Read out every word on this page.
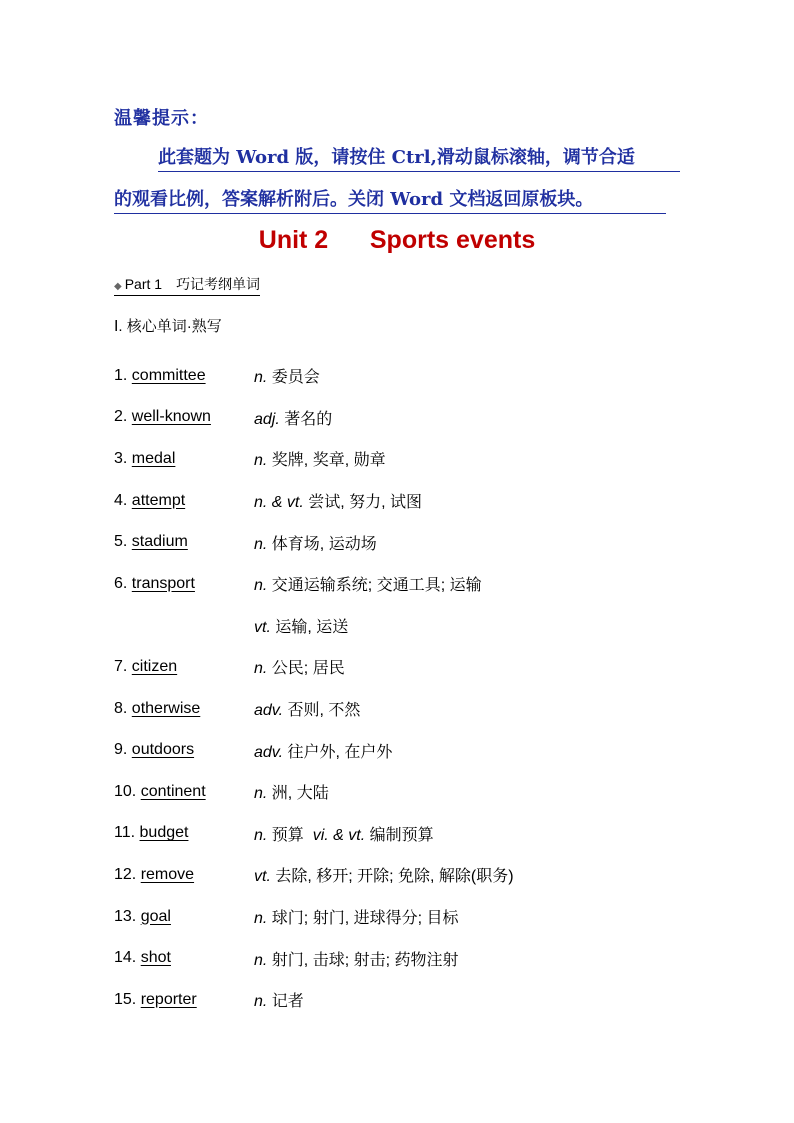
温馨提示：
此套题为 Word 版，请按住 Ctrl,滑动鼠标滚轴，调节合适
的观看比例，答案解析附后。关闭 Word 文档返回原板块。
Unit 2      Sports events
◆ Part 1 巧记考纲单词
Ⅰ. 核心单词·熟写
1. committee	n. 委员会
2. well-known	adj. 著名的
3. medal	n. 奖牌, 奖章, 勋章
4. attempt	n. & vt. 尝试, 努力, 试图
5. stadium	n. 体育场, 运动场
6. transport	n. 交通运输系统; 交通工具; 运输
vt. 运输, 运送
7. citizen	n. 公民; 居民
8. otherwise	adv. 否则, 不然
9. outdoors	adv. 往户外, 在户外
10. continent	n. 洲, 大陆
11. budget	n. 预算 vi. & vt. 编制预算
12. remove	vt. 去除, 移开; 开除; 免除, 解除(职务)
13. goal	n. 球门; 射门, 进球得分; 目标
14. shot	n. 射门, 击球; 射击; 药物注射
15. reporter	n. 记者
